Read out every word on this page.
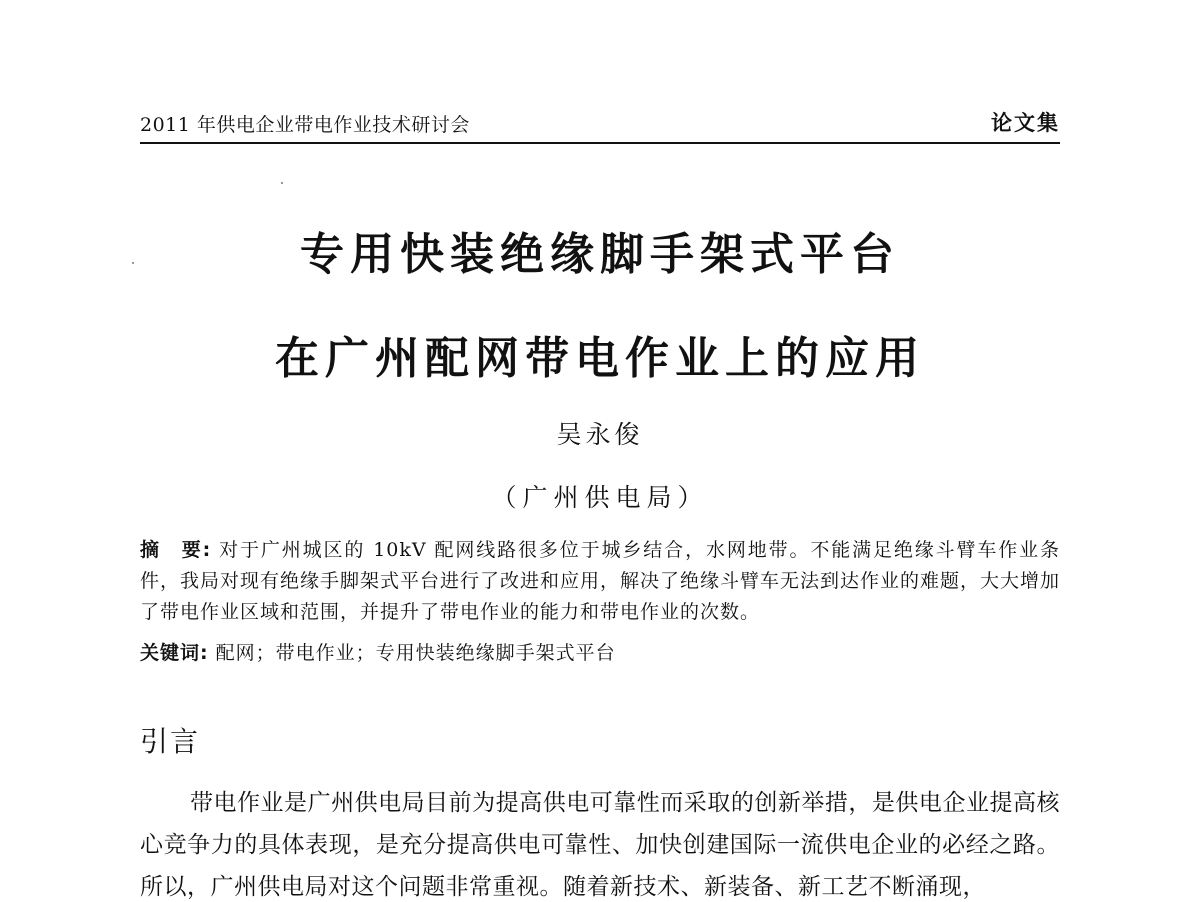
2011 年供电企业带电作业技术研讨会	论文集
专用快装绝缘脚手架式平台
在广州配网带电作业上的应用
吴永俊
（广州供电局）
摘　要: 对于广州城区的 10kV 配网线路很多位于城乡结合，水网地带。不能满足绝缘斗臂车作业条件，我局对现有绝缘手脚架式平台进行了改进和应用，解决了绝缘斗臂车无法到达作业的难题，大大增加了带电作业区域和范围，并提升了带电作业的能力和带电作业的次数。
关键词: 配网；带电作业；专用快装绝缘脚手架式平台
引言
带电作业是广州供电局目前为提高供电可靠性而采取的创新举措，是供电企业提高核心竞争力的具体表现，是充分提高供电可靠性、加快创建国际一流供电企业的必经之路。所以，广州供电局对这个问题非常重视。随着新技术、新装备、新工艺不断涌现，
